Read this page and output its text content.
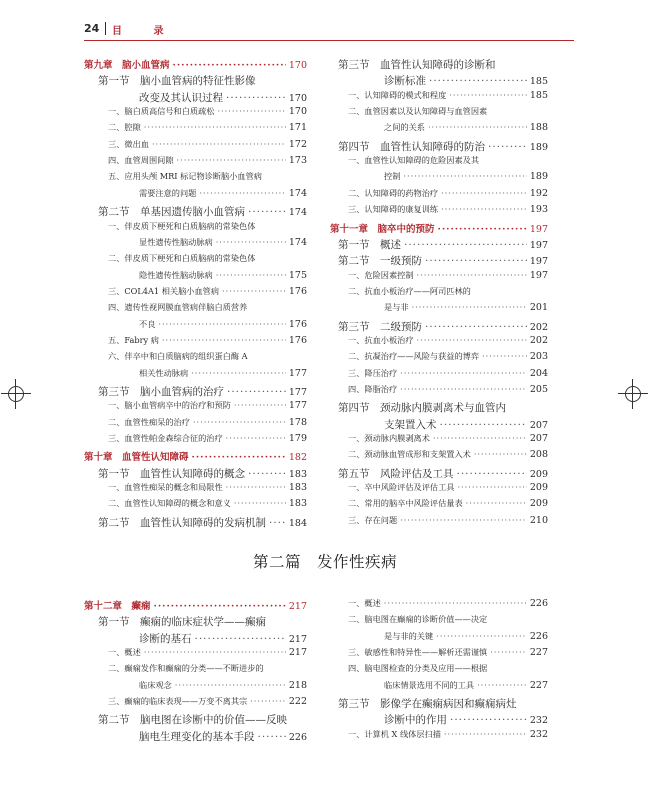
24 目 录
第九章　脑小血管病 ·····	170
第一节　脑小血管病的特征性影像
改变及其认识过程 ·····	170
一、脑白质高信号和白质疏松 ·····	170
二、腔隙 ·····	171
三、微出血 ·····	172
四、血管周围间隙 ·····	173
五、应用头颅 MRI 标记物诊断脑小血管病
需要注意的问题 ·····	174
第二节　单基因遗传脑小血管病 ·····	174
一、伴皮质下梗死和白质脑病的常染色体
显性遗传性脑动脉病 ·····	174
二、伴皮质下梗死和白质脑病的常染色体
隐性遗传性脑动脉病 ·····	175
三、COL4A1 相关脑小血管病 ·····	176
四、遗传性视网膜血管病伴脑白质营养
不良 ·····	176
五、Fabry 病 ·····	176
六、伴卒中和白质脑病的组织蛋白酶 A
相关性动脉病 ·····	177
第三节　脑小血管病的治疗 ·····	177
一、脑小血管病卒中的治疗和预防 ·····	177
二、血管性痴呆的治疗 ·····	178
三、血管性帕金森综合征的治疗 ·····	179
第十章　血管性认知障碍 ·····	182
第一节　血管性认知障碍的概念 ·····	183
一、血管性痴呆的概念和局限性 ·····	183
二、血管性认知障碍的概念和意义 ·····	183
第二节　血管性认知障碍的发病机制 ····· 184
第三节　血管性认知障碍的诊断和
诊断标准 ·····	185
一、认知障碍的模式和程度 ·····	185
二、血管因素以及认知障碍与血管因素
之间的关系 ·····	188
第四节　血管性认知障碍的防治 ·····	189
一、血管性认知障碍的危险因素及其
控制 ·····	189
二、认知障碍的药物治疗 ·····	192
三、认知障碍的康复训练 ·····	193
第十一章　脑卒中的预防 ·····	197
第一节　概述 ·····	197
第二节　一级预防 ·····	197
一、危险因素控制 ·····	197
二、抗血小板治疗——阿司匹林的
是与非 ·····	201
第三节　二级预防 ·····	202
一、抗血小板治疗 ·····	202
二、抗凝治疗——风险与获益的博弈 ·····	203
三、降压治疗 ·····	204
四、降脂治疗 ·····	205
第四节　颈动脉内膜剥离术与血管内
支架置入术 ·····	207
一、颈动脉内膜剥离术 ·····	207
二、颈动脉血管成形和支架置入术 ·····	208
第五节　风险评估及工具 ·····	209
一、卒中风险评估及评估工具 ·····	209
二、常用的脑卒中风险评估量表 ·····	209
三、存在问题 ·····	210
第二篇　发作性疾病
第十二章　癫痫 ·····	217
第一节　癫痫的临床症状学——癫痫
诊断的基石 ·····	217
一、概述 ·····	217
二、癫痫发作和癫痫的分类——不断进步的
临床观念 ·····	218
三、癫痫的临床表现——万变不离其宗 ·····	222
第二节　脑电图在诊断中的价值——反映
脑电生理变化的基本手段 ·····	226
一、概述 ·····	226
二、脑电图在癫痫的诊断价值——决定
是与非的关键 ·····	226
三、敏感性和特异性——解析还需谨慎 ·····	227
四、脑电图检查的分类及应用——根据
临床情景选用不同的工具 ·····	227
第三节　影像学在癫痫病因和癫痫病灶
诊断中的作用 ·····	232
一、计算机 X 线体层扫描 ·····	232
